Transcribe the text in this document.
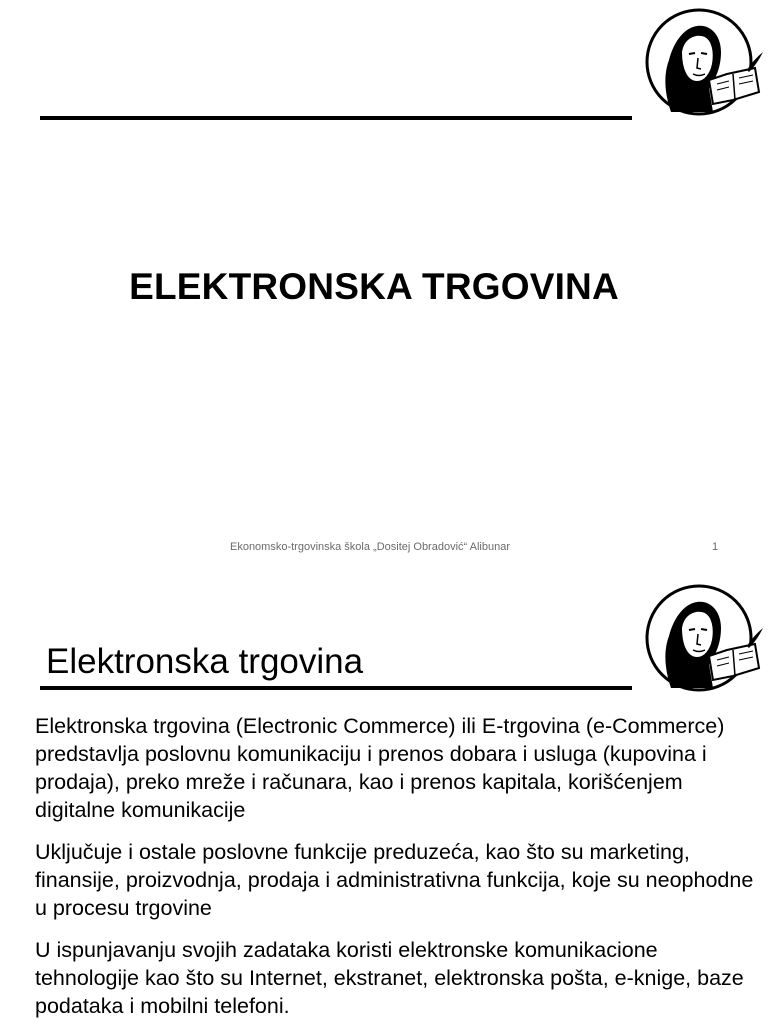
ELEKTRONSKA TRGOVINA
Ekonomsko-trgovinska škola „Dositej Obradović“ Alibunar	1
Elektronska trgovina

Elektronska trgovina (Electronic Commerce) ili E-trgovina (e-Commerce) predstavlja poslovnu komunikaciju i prenos dobara i usluga (kupovina i prodaja), preko mreže i računara, kao i prenos kapitala, korišćenjem digitalne komunikacije

Uključuje i ostale poslovne funkcije preduzeća, kao što su marketing, finansije, proizvodnja, prodaja i administrativna funkcija, koje su neophodne u procesu trgovine

U ispunjavanju svojih zadataka koristi elektronske komunikacione tehnologije kao što su Internet, ekstranet, elektronska pošta, e-knige, baze podataka i mobilni telefoni.
